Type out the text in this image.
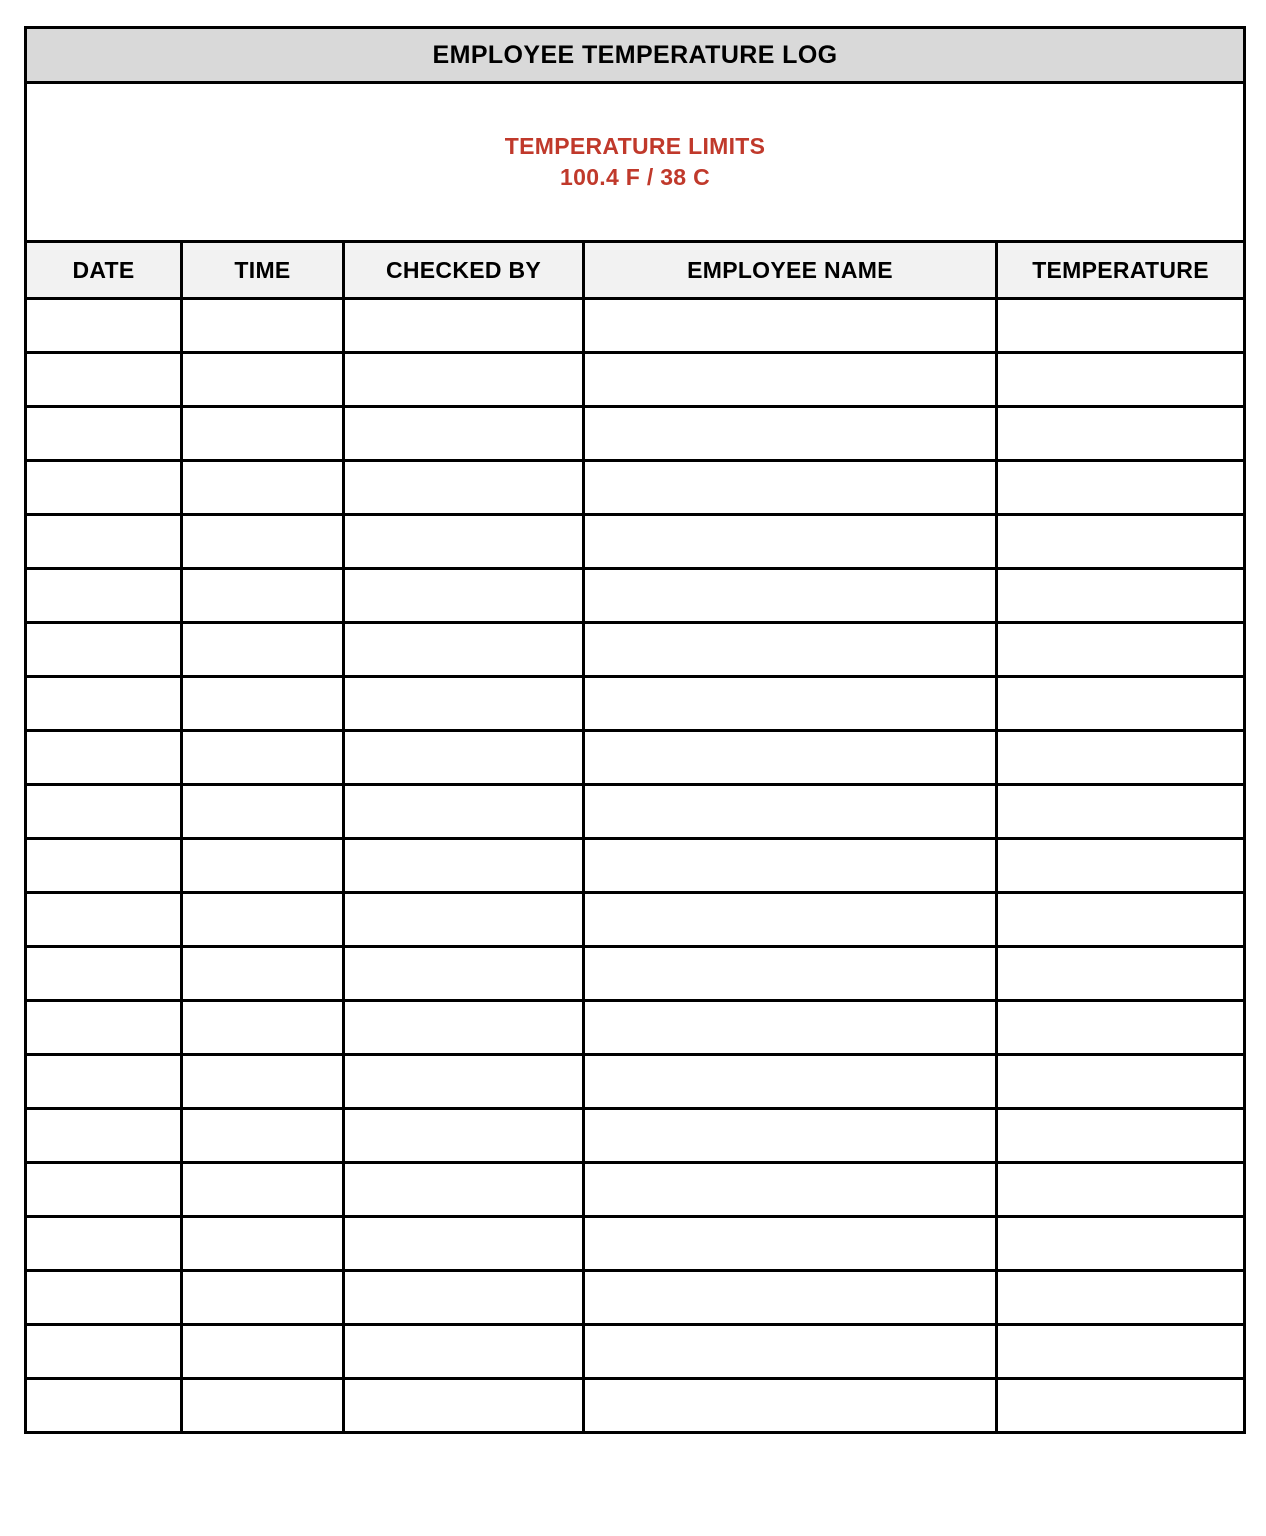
EMPLOYEE TEMPERATURE LOG				

TEMPERATURE LIMITS
100.4 F / 38 C				

DATE	TIME	CHECKED BY	EMPLOYEE NAME	TEMPERATURE
